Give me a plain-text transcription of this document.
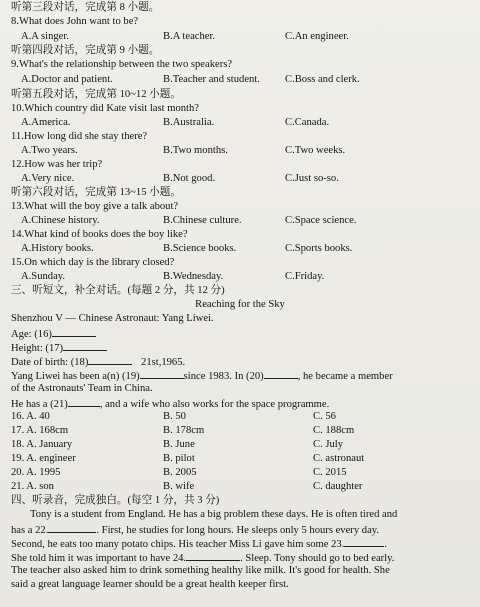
听第三段对话，完成第 8 小题。
8.What does John want to be?
A.A singer.	B.A teacher.	C.An engineer.
听第四段对话，完成第 9 小题。
9.What's the relationship between the two speakers?
A.Doctor and patient.	B.Teacher and student. C.Boss and clerk.
听第五段对话，完成第 10~12 小题。
10.Which country did Kate visit last month?
A.America.	B.Australia.	C.Canada.
11.How long did she stay there?
A.Two years.	B.Two months.	C.Two weeks.
12.How was her trip?
A.Very nice.	B.Not good.	C.Just so-so.
听第六段对话，完成第 13~15 小题。
13.What will the boy give a talk about?
A.Chinese history.	B.Chinese culture.	C.Space science.
14.What kind of books does the boy like?
A.History books.	B.Science books.	C.Sports books.
15.On which day is the library closed?
A.Sunday.	B.Wednesday.	C.Friday.
三、听短文，补全对话。(每题 2 分，共 12 分)
Reaching for the Sky
Shenzhou V — Chinese Astronaut: Yang Liwei.
Age: (16)
Height: (17)
Date of birth: (18)	21st,1965.
Yang Liwei has been a(n) (19)	since 1983. In (20)	, he became a member
of the Astronauts' Team in China.
He has a (21)	, and a wife who also works for the space programme.
16. A. 40	B. 50	C. 56
17. A. 168cm	B. 178cm	C. 188cm
18. A. January	B. June	C. July
19. A. engineer	B. pilot	C. astronaut
20. A. 1995	B. 2005	C. 2015
21. A. son	B. wife	C. daughter
四、听录音，完成独白。(每空 1 分，共 3 分)
Tony is a student from England. He has a big problem these days. He is often tired and
has a 22.	. First, he studies for long hours. He sleeps only 5 hours every day.
Second, he eats too many potato chips. His teacher Miss Li gave him some 23.	.
She told him it was important to have 24.	. Sleep. Tony should go to bed early.
The teacher also asked him to drink something healthy like milk. It's good for health. She
said a great language learner should be a great health keeper first.
